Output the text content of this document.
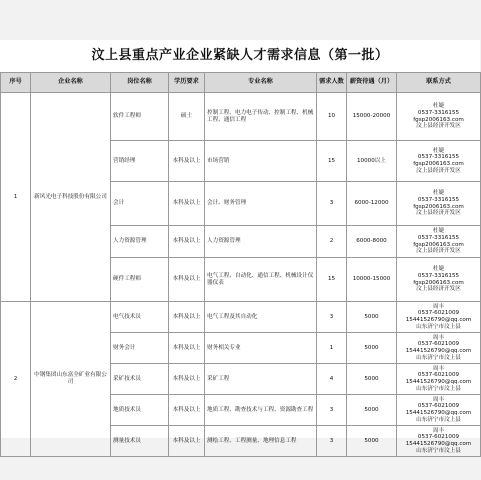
汶上县重点产业企业紧缺人才需求信息（第一批）
序号	企业名称	岗位名称	学历要求	专业名称	需求人数	薪资待遇（月）	联系方式
1	新风光电子科技股份有限公司	软件工程师	硕士	控制工程、电力电子传动、控制工程、机械工程、通信工程	10	15000-20000	杜婕
0537-3316155
fgsp2006163.com
汶上县经济开发区

		营销经理	本科及以上	市场营销	15	10000以上	杜婕
0537-3316155
fgsp2006163.com
汶上县经济开发区

		会计	本科及以上	会计、财务管理	3	6000-12000	杜婕
0537-3316155
fgsp2006163.com
汶上县经济开发区

		人力资源管理	本科及以上	人力资源管理	2	6000-8000	杜婕
0537-3316155
fgsp2006163.com
汶上县经济开发区

		硬件工程师	本科及以上	电气工程、自动化、通信工程、机械设计仪器仪表	15	10000-15000	杜婕
0537-3316155
fgsp2006163.com
汶上县经济开发区

2	中钢集团山东富全矿业有限公司	电气技术员	本科及以上	电气工程及其自动化	3	5000	周丰
0537-6021009
15441526790@qq.com
山东济宁市汶上县

		财务会计	本科及以上	财务相关专业	1	5000	周丰
0537-6021009
15441526790@qq.com
山东济宁市汶上县

		采矿技术员	本科及以上	采矿工程	4	5000	周丰
0537-6021009
15441526790@qq.com
山东济宁市汶上县

		地质技术员	本科及以上	地质工程、勘查技术与工程、资源勘查工程	3	5000	周丰
0537-6021009
15441526790@qq.com
山东济宁市汶上县

		测量技术员	本科及以上	测绘工程、工程测量、地理信息工程	3	5000	周丰
0537-6021009
15441526790@qq.com
山东济宁市汶上县
